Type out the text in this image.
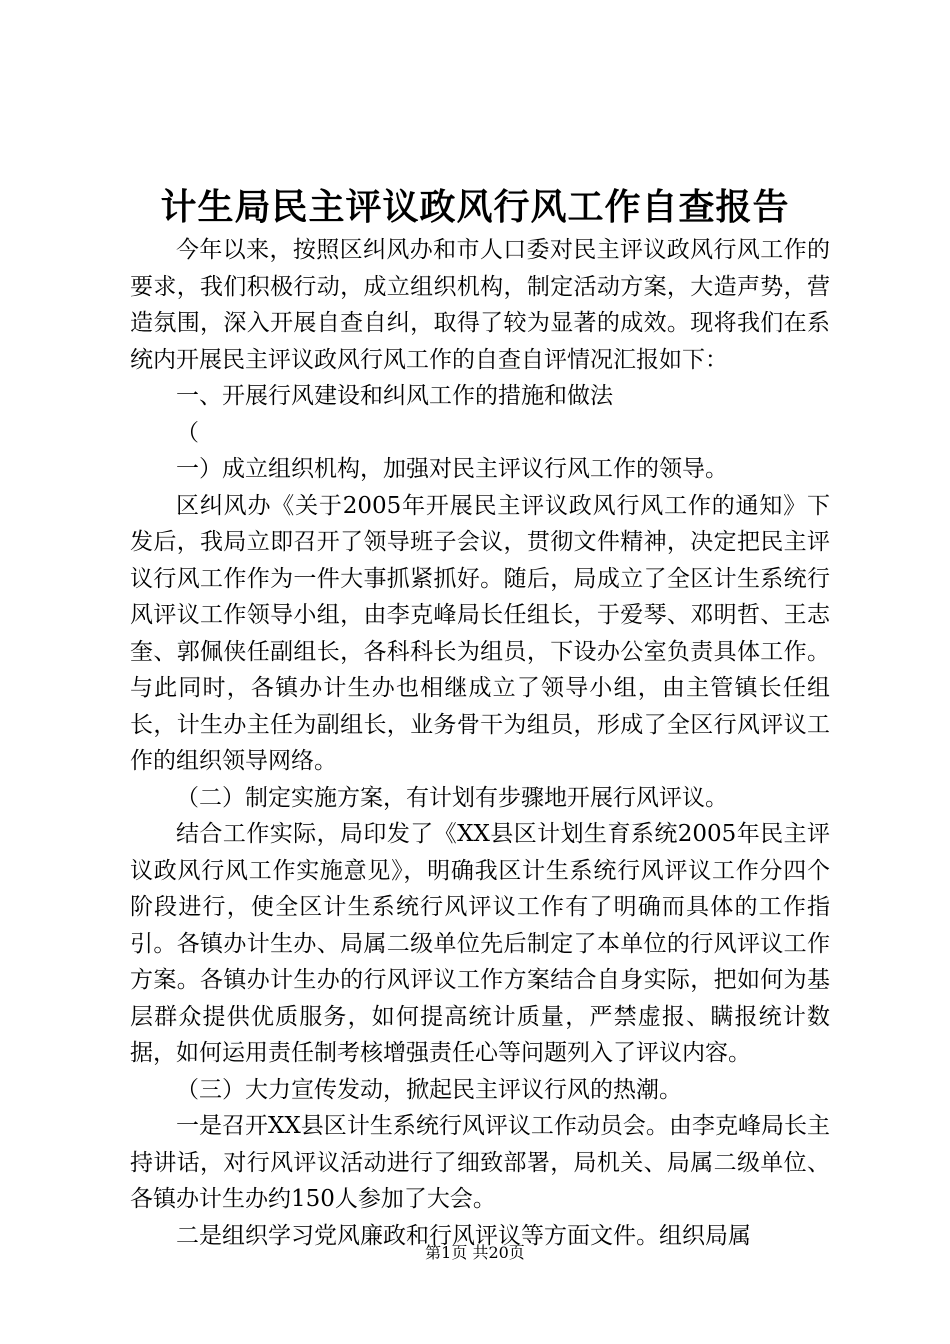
计生局民主评议政风行风工作自查报告

今年以来，按照区纠风办和市人口委对民主评议政风行风工作的要求，我们积极行动，成立组织机构，制定活动方案，大造声势，营造氛围，深入开展自查自纠，取得了较为显著的成效。现将我们在系统内开展民主评议政风行风工作的自查自评情况汇报如下：

一、开展行风建设和纠风工作的措施和做法

（

一）成立组织机构，加强对民主评议行风工作的领导。

区纠风办《关于2005年开展民主评议政风行风工作的通知》下发后，我局立即召开了领导班子会议，贯彻文件精神，决定把民主评议行风工作作为一件大事抓紧抓好。随后，局成立了全区计生系统行风评议工作领导小组，由李克峰局长任组长，于爱琴、邓明哲、王志奎、郭佩侠任副组长，各科科长为组员，下设办公室负责具体工作。与此同时，各镇办计生办也相继成立了领导小组，由主管镇长任组长，计生办主任为副组长，业务骨干为组员，形成了全区行风评议工作的组织领导网络。

（二）制定实施方案，有计划有步骤地开展行风评议。

结合工作实际，局印发了《XX县区计划生育系统2005年民主评议政风行风工作实施意见》，明确我区计生系统行风评议工作分四个阶段进行，使全区计生系统行风评议工作有了明确而具体的工作指引。各镇办计生办、局属二级单位先后制定了本单位的行风评议工作方案。各镇办计生办的行风评议工作方案结合自身实际，把如何为基层群众提供优质服务，如何提高统计质量，严禁虚报、瞒报统计数据，如何运用责任制考核增强责任心等问题列入了评议内容。

（三）大力宣传发动，掀起民主评议行风的热潮。

一是召开XX县区计生系统行风评议工作动员会。由李克峰局长主持讲话，对行风评议活动进行了细致部署，局机关、局属二级单位、各镇办计生办约150人参加了大会。

二是组织学习党风廉政和行风评议等方面文件。组织局属

第1页 共20页
